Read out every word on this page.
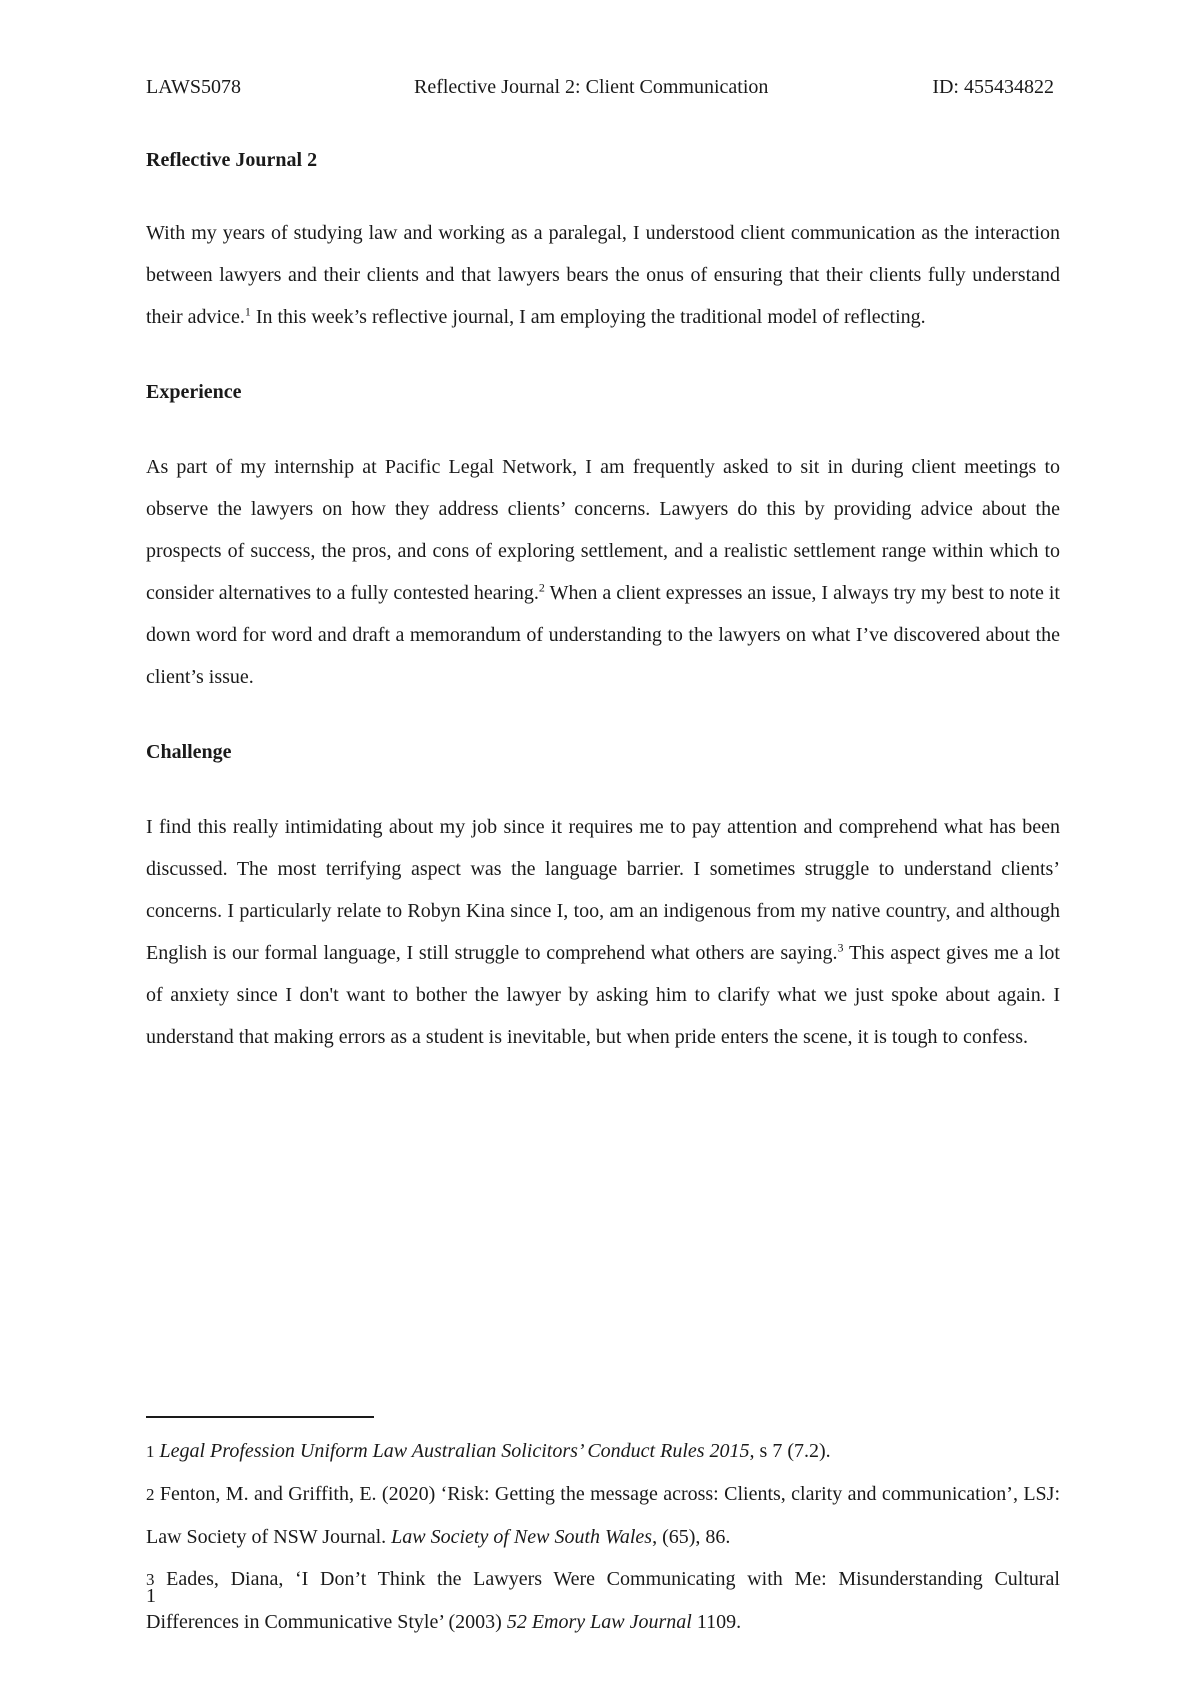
LAWS5078	Reflective Journal 2: Client Communication	ID: 455434822
Reflective Journal 2

With my years of studying law and working as a paralegal, I understood client communication as the interaction between lawyers and their clients and that lawyers bears the onus of ensuring that their clients fully understand their advice.$^1$ In this week’s reflective journal, I am employing the traditional model of reflecting.

Experience

As part of my internship at Pacific Legal Network, I am frequently asked to sit in during client meetings to observe the lawyers on how they address clients’ concerns. Lawyers do this by providing advice about the prospects of success, the pros, and cons of exploring settlement, and a realistic settlement range within which to consider alternatives to a fully contested hearing.$^2$ When a client expresses an issue, I always try my best to note it down word for word and draft a memorandum of understanding to the lawyers on what I’ve discovered about the client’s issue.

Challenge

I find this really intimidating about my job since it requires me to pay attention and comprehend what has been discussed. The most terrifying aspect was the language barrier. I sometimes struggle to understand clients’ concerns. I particularly relate to Robyn Kina since I, too, am an indigenous from my native country, and although English is our formal language, I still struggle to comprehend what others are saying.$^3$ This aspect gives me a lot of anxiety since I don't want to bother the lawyer by asking him to clarify what we just spoke about again. I understand that making errors as a student is inevitable, but when pride enters the scene, it is tough to confess.

1 Legal Profession Uniform Law Australian Solicitors’ Conduct Rules 2015, s 7 (7.2).

2 Fenton, M. and Griffith, E. (2020) ‘Risk: Getting the message across: Clients, clarity and communication’, LSJ: Law Society of NSW Journal. Law Society of New South Wales, (65), 86.

3 Eades, Diana, ‘I Don’t Think the Lawyers Were Communicating with Me: Misunderstanding Cultural Differences in Communicative Style’ (2003) 52 Emory Law Journal 1109.

1
